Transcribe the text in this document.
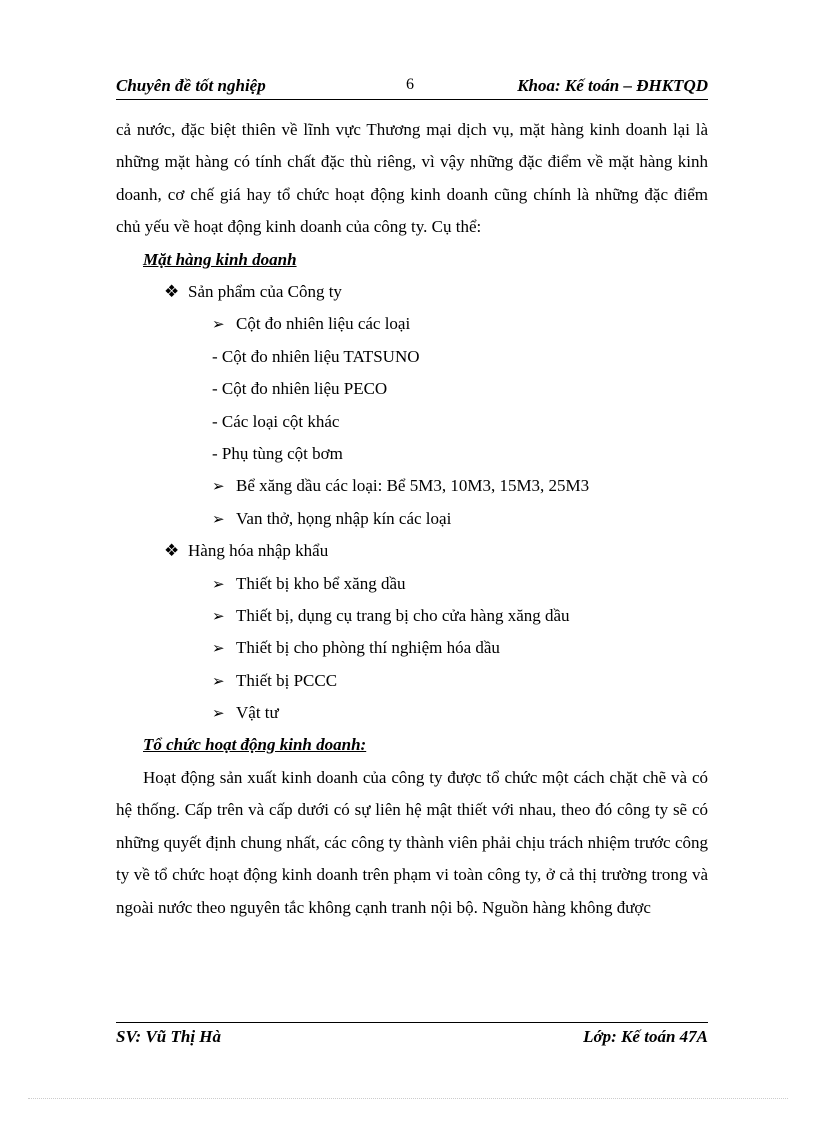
Chuyên đề tốt nghiệp	6	Khoa: Kế toán – ĐHKTQD

cả nước, đặc biệt thiên về lĩnh vực Thương mại dịch vụ, mặt hàng kinh doanh lại là những mặt hàng có tính chất đặc thù riêng, vì vậy những đặc điểm về mặt hàng kinh doanh, cơ chế giá hay tổ chức hoạt động kinh doanh cũng chính là những đặc điểm chủ yếu về hoạt động kinh doanh của công ty. Cụ thể:

Mặt hàng kinh doanh
❖ Sản phẩm của Công ty
➢ Cột đo nhiên liệu các loại
- Cột đo nhiên liệu TATSUNO
- Cột đo nhiên liệu PECO
- Các loại cột khác
- Phụ tùng cột bơm
➢ Bể xăng dầu các loại: Bể 5M3, 10M3, 15M3, 25M3
➢ Van thở, họng nhập kín các loại
❖ Hàng hóa nhập khẩu
➢ Thiết bị kho bể xăng dầu
➢ Thiết bị, dụng cụ trang bị cho cửa hàng xăng dầu
➢ Thiết bị cho phòng thí nghiệm hóa dầu
➢ Thiết bị PCCC
➢ Vật tư
Tổ chức hoạt động kinh doanh:

Hoạt động sản xuất kinh doanh của công ty được tổ chức một cách chặt chẽ và có hệ thống. Cấp trên và cấp dưới có sự liên hệ mật thiết với nhau, theo đó công ty sẽ có những quyết định chung nhất, các công ty thành viên phải chịu trách nhiệm trước công ty về tổ chức hoạt động kinh doanh trên phạm vi toàn công ty, ở cả thị trường trong và ngoài nước theo nguyên tắc không cạnh tranh nội bộ. Nguồn hàng không được

SV: Vũ Thị Hà	Lớp: Kế toán 47A
